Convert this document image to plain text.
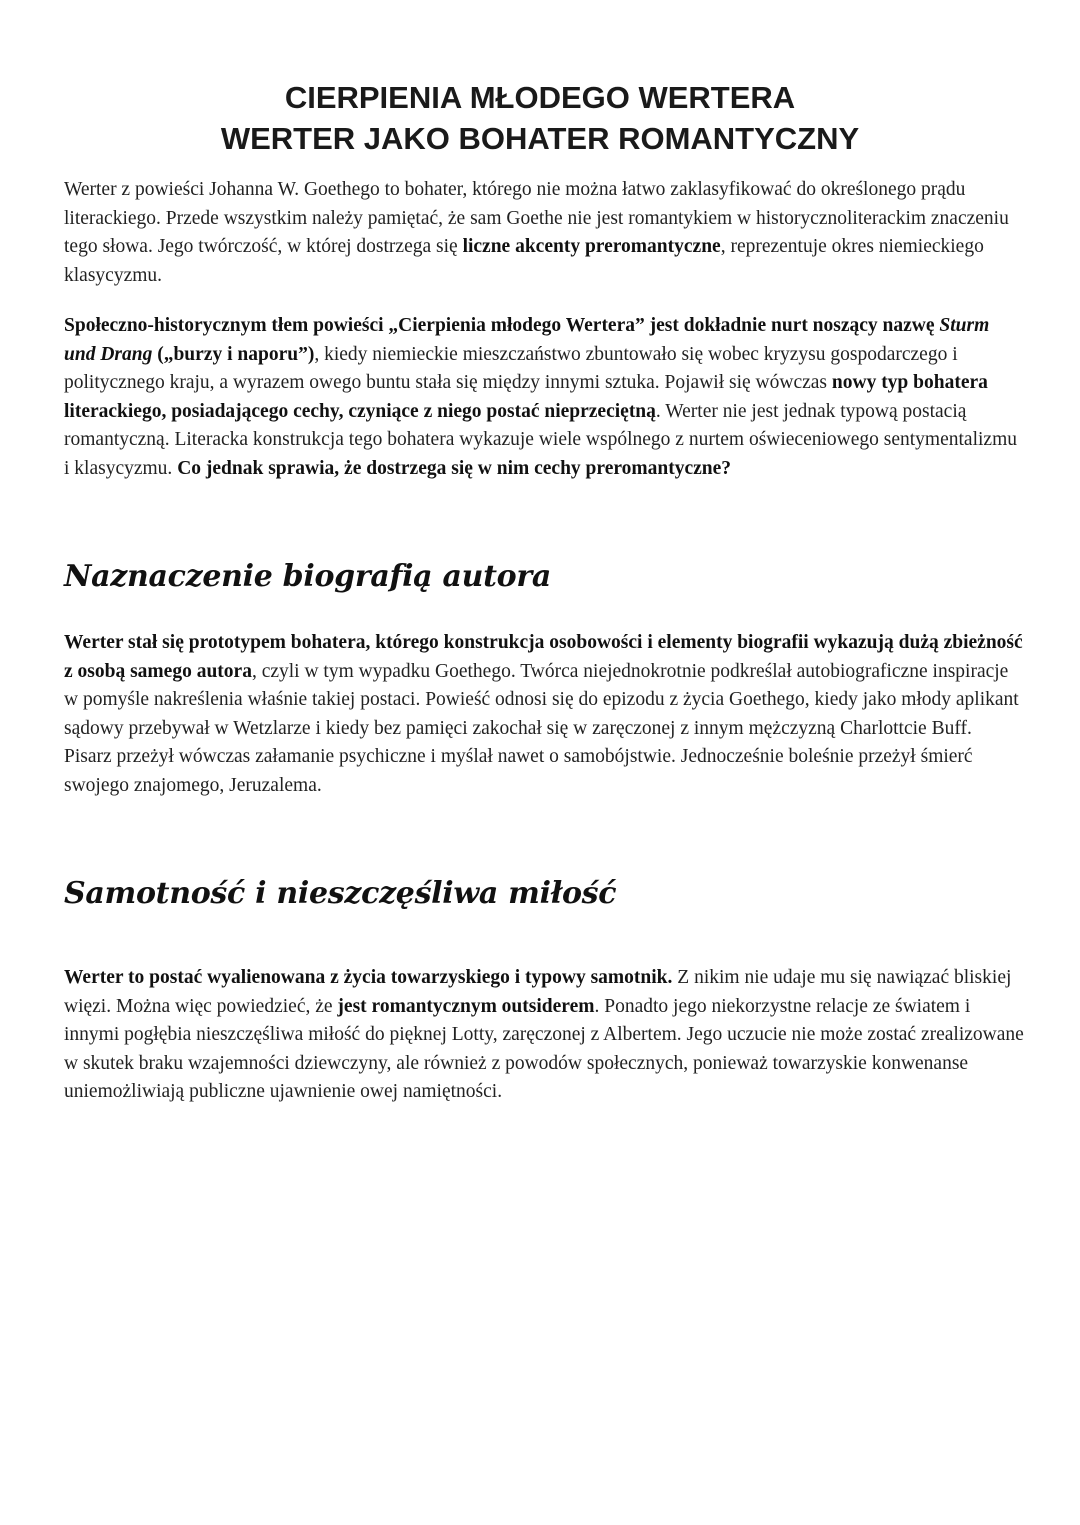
CIERPIENIA MŁODEGO WERTERA
WERTER JAKO BOHATER ROMANTYCZNY

Werter z powieści Johanna W. Goethego to bohater, którego nie można łatwo zaklasyfikować do określonego prądu literackiego. Przede wszystkim należy pamiętać, że sam Goethe nie jest romantykiem w historycznoliterackim znaczeniu tego słowa. Jego twórczość, w której dostrzega się liczne akcenty preromantyczne, reprezentuje okres niemieckiego klasycyzmu.

Społeczno-historycznym tłem powieści „Cierpienia młodego Wertera” jest dokładnie nurt noszący nazwę Sturm und Drang („burzy i naporu”), kiedy niemieckie mieszczaństwo zbuntowało się wobec kryzysu gospodarczego i politycznego kraju, a wyrazem owego buntu stała się między innymi sztuka. Pojawił się wówczas nowy typ bohatera literackiego, posiadającego cechy, czyniące z niego postać nieprzeciętną. Werter nie jest jednak typową postacią romantyczną. Literacka konstrukcja tego bohatera wykazuje wiele wspólnego z nurtem oświeceniowego sentymentalizmu i klasycyzmu. Co jednak sprawia, że dostrzega się w nim cechy preromantyczne?

Naznaczenie biografią autora

Werter stał się prototypem bohatera, którego konstrukcja osobowości i elementy biografii wykazują dużą zbieżność z osobą samego autora, czyli w tym wypadku Goethego. Twórca niejednokrotnie podkreślał autobiograficzne inspiracje w pomyśle nakreślenia właśnie takiej postaci. Powieść odnosi się do epizodu z życia Goethego, kiedy jako młody aplikant sądowy przebywał w Wetzlarze i kiedy bez pamięci zakochał się w zaręczonej z innym mężczyzną Charlottcie Buff. Pisarz przeżył wówczas załamanie psychiczne i myślał nawet o samobójstwie. Jednocześnie boleśnie przeżył śmierć swojego znajomego, Jeruzalema.

Samotność i nieszczęśliwa miłość

Werter to postać wyalienowana z życia towarzyskiego i typowy samotnik. Z nikim nie udaje mu się nawiązać bliskiej więzi. Można więc powiedzieć, że jest romantycznym outsiderem. Ponadto jego niekorzystne relacje ze światem i innymi pogłębia nieszczęśliwa miłość do pięknej Lotty, zaręczonej z Albertem. Jego uczucie nie może zostać zrealizowane w skutek braku wzajemności dziewczyny, ale również z powodów społecznych, ponieważ towarzyskie konwenanse uniemożliwiają publiczne ujawnienie owej namiętności.
